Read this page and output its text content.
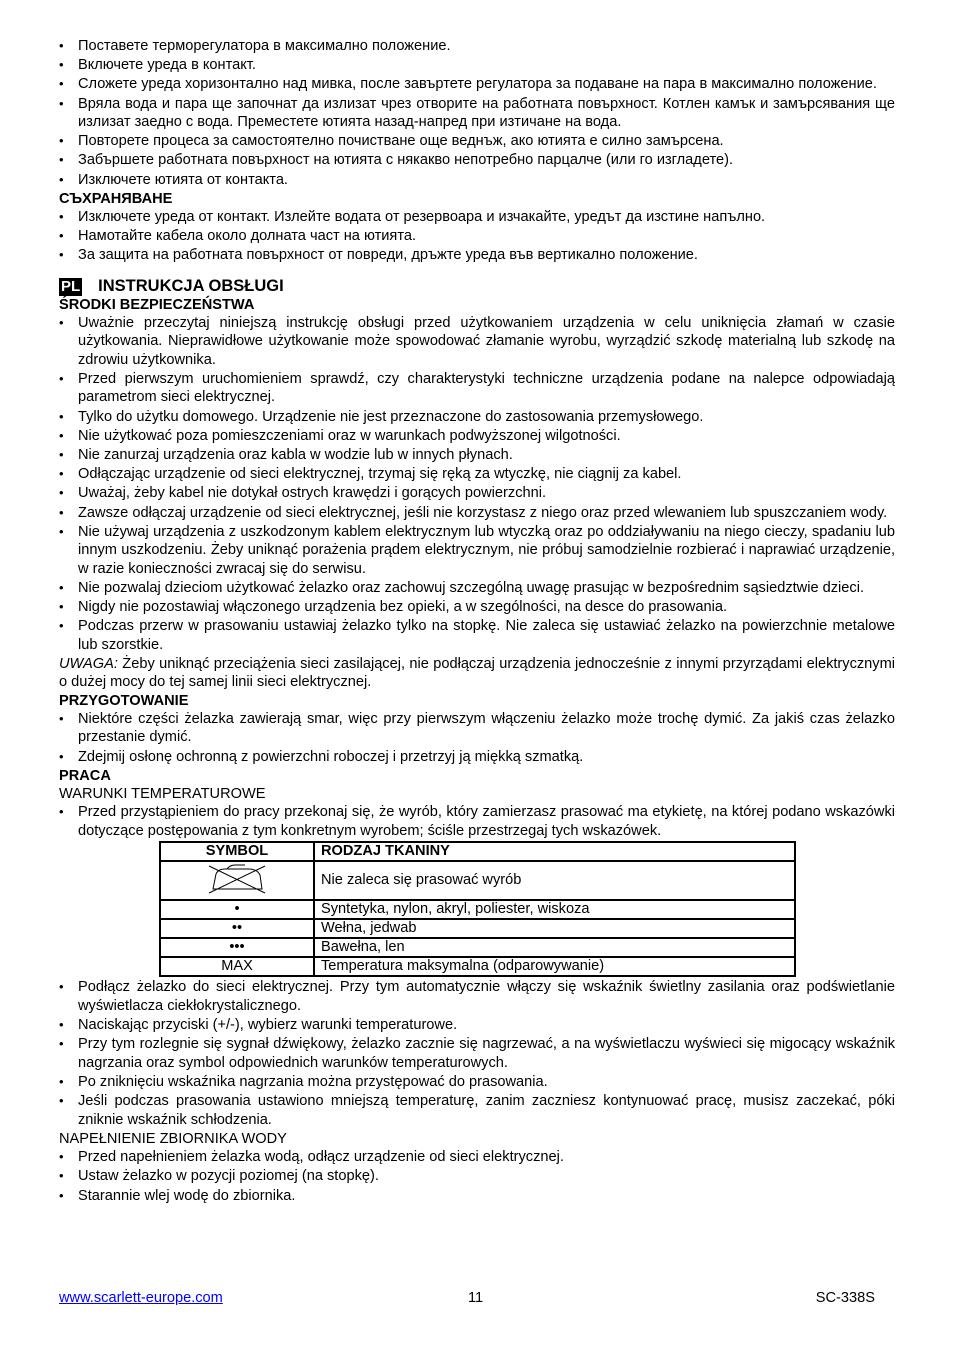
• Поставете терморегулатора в максимално положение.
• Включете уреда в контакт.
• Сложете уреда хоризонтално над мивка, после завъртете регулатора за подаване на пара в максимално положение.
• Вряла вода и пара ще започнат да излизат чрез отворите на работната повърхност. Котлен камък и замърсявания ще излизат заедно с вода. Преместете ютията назад-напред при изтичане на вода.
• Повторете процеса за самостоятелно почистване още веднъж, ако ютията е силно замърсена.
• Забършете работната повърхност на ютията с някакво непотребно парцалче (или го изгладете).
• Изключете ютията от контакта.
СЪХРАНЯВАНЕ
• Изключете уреда от контакт. Излейте водата от резервоара и изчакайте, уредът да изстине напълно.
• Намотайте кабела около долната част на ютията.
• За защита на работната повърхност от повреди, дръжте уреда във вертикално положение.
PL INSTRUKCJA OBSŁUGI
ŚRODKI BEZPIECZEŃSTWA
• Uważnie przeczytaj niniejszą instrukcję obsługi przed użytkowaniem urządzenia w celu uniknięcia złamań w czasie użytkowania. Nieprawidłowe użytkowanie może spowodować złamanie wyrobu, wyrządzić szkodę materialną lub szkodę na zdrowiu użytkownika.
• Przed pierwszym uruchomieniem sprawdź, czy charakterystyki techniczne urządzenia podane na nalepce odpowiadają parametrom sieci elektrycznej.
• Tylko do użytku domowego. Urządzenie nie jest przeznaczone do zastosowania przemysłowego.
• Nie użytkować poza pomieszczeniami oraz w warunkach podwyższonej wilgotności.
• Nie zanurzaj urządzenia oraz kabla w wodzie lub w innych płynach.
• Odłączając urządzenie od sieci elektrycznej, trzymaj się ręką za wtyczkę, nie ciągnij za kabel.
• Uważaj, żeby kabel nie dotykał ostrych krawędzi i gorących powierzchni.
• Zawsze odłączaj urządzenie od sieci elektrycznej, jeśli nie korzystasz z niego oraz przed wlewaniem lub spuszczaniem wody.
• Nie używaj urządzenia z uszkodzonym kablem elektrycznym lub wtyczką oraz po oddziaływaniu na niego cieczy, spadaniu lub innym uszkodzeniu. Żeby uniknąć porażenia prądem elektrycznym, nie próbuj samodzielnie rozbierać i naprawiać urządzenie, w razie konieczności zwracaj się do serwisu.
• Nie pozwalaj dzieciom użytkować żelazko oraz zachowuj szczególną uwagę prasując w bezpośrednim sąsiedztwie dzieci.
• Nigdy nie pozostawiaj włączonego urządzenia bez opieki, a w szególności, na desce do prasowania.
• Podczas przerw w prasowaniu ustawiaj żelazko tylko na stopkę. Nie zaleca się ustawiać żelazko na powierzchnie metalowe lub szorstkie.
UWAGA: Żeby uniknąć przeciążenia sieci zasilającej, nie podłączaj urządzenia jednocześnie z innymi przyrządami elektrycznymi o dużej mocy do tej samej linii sieci elektrycznej.
PRZYGOTOWANIE
• Niektóre części żelazka zawierają smar, więc przy pierwszym włączeniu żelazko może trochę dymić. Za jakiś czas żelazko przestanie dymić.
• Zdejmij osłonę ochronną z powierzchni roboczej i przetrzyj ją miękką szmatką.
PRACA
WARUNKI TEMPERATUROWE
• Przed przystąpieniem do pracy przekonaj się, że wyrób, który zamierzasz prasować ma etykietę, na której podano wskazówki dotyczące postępowania z tym konkretnym wyrobem; ściśle przestrzegaj tych wskazówek.
SYMBOL	RODZAJ TKANINY
	Nie zaleca się prasować wyrób
•	Syntetyka, nylon, akryl, poliester, wiskoza
••	Wełna, jedwab
•••	Bawełna, len
MAX	Temperatura maksymalna (odparowywanie)
• Podłącz żelazko do sieci elektrycznej. Przy tym automatycznie włączy się wskaźnik świetlny zasilania oraz podświetlanie wyświetlacza ciekłokrystalicznego.
• Naciskając przyciski (+/-), wybierz warunki temperaturowe.
• Przy tym rozlegnie się sygnał dźwiękowy, żelazko zacznie się nagrzewać, a na wyświetlaczu wyświeci się migocący wskaźnik nagrzania oraz symbol odpowiednich warunków temperaturowych.
• Po zniknięciu wskaźnika nagrzania można przystępować do prasowania.
• Jeśli podczas prasowania ustawiono mniejszą temperaturę, zanim zaczniesz kontynuować pracę, musisz zaczekać, póki zniknie wskaźnik schłodzenia.
NAPEŁNIENIE ZBIORNIKA WODY
• Przed napełnieniem żelazka wodą, odłącz urządzenie od sieci elektrycznej.
• Ustaw żelazko w pozycji poziomej (na stopkę).
• Starannie wlej wodę do zbiornika.
www.scarlett-europe.com	11	SC-338S
